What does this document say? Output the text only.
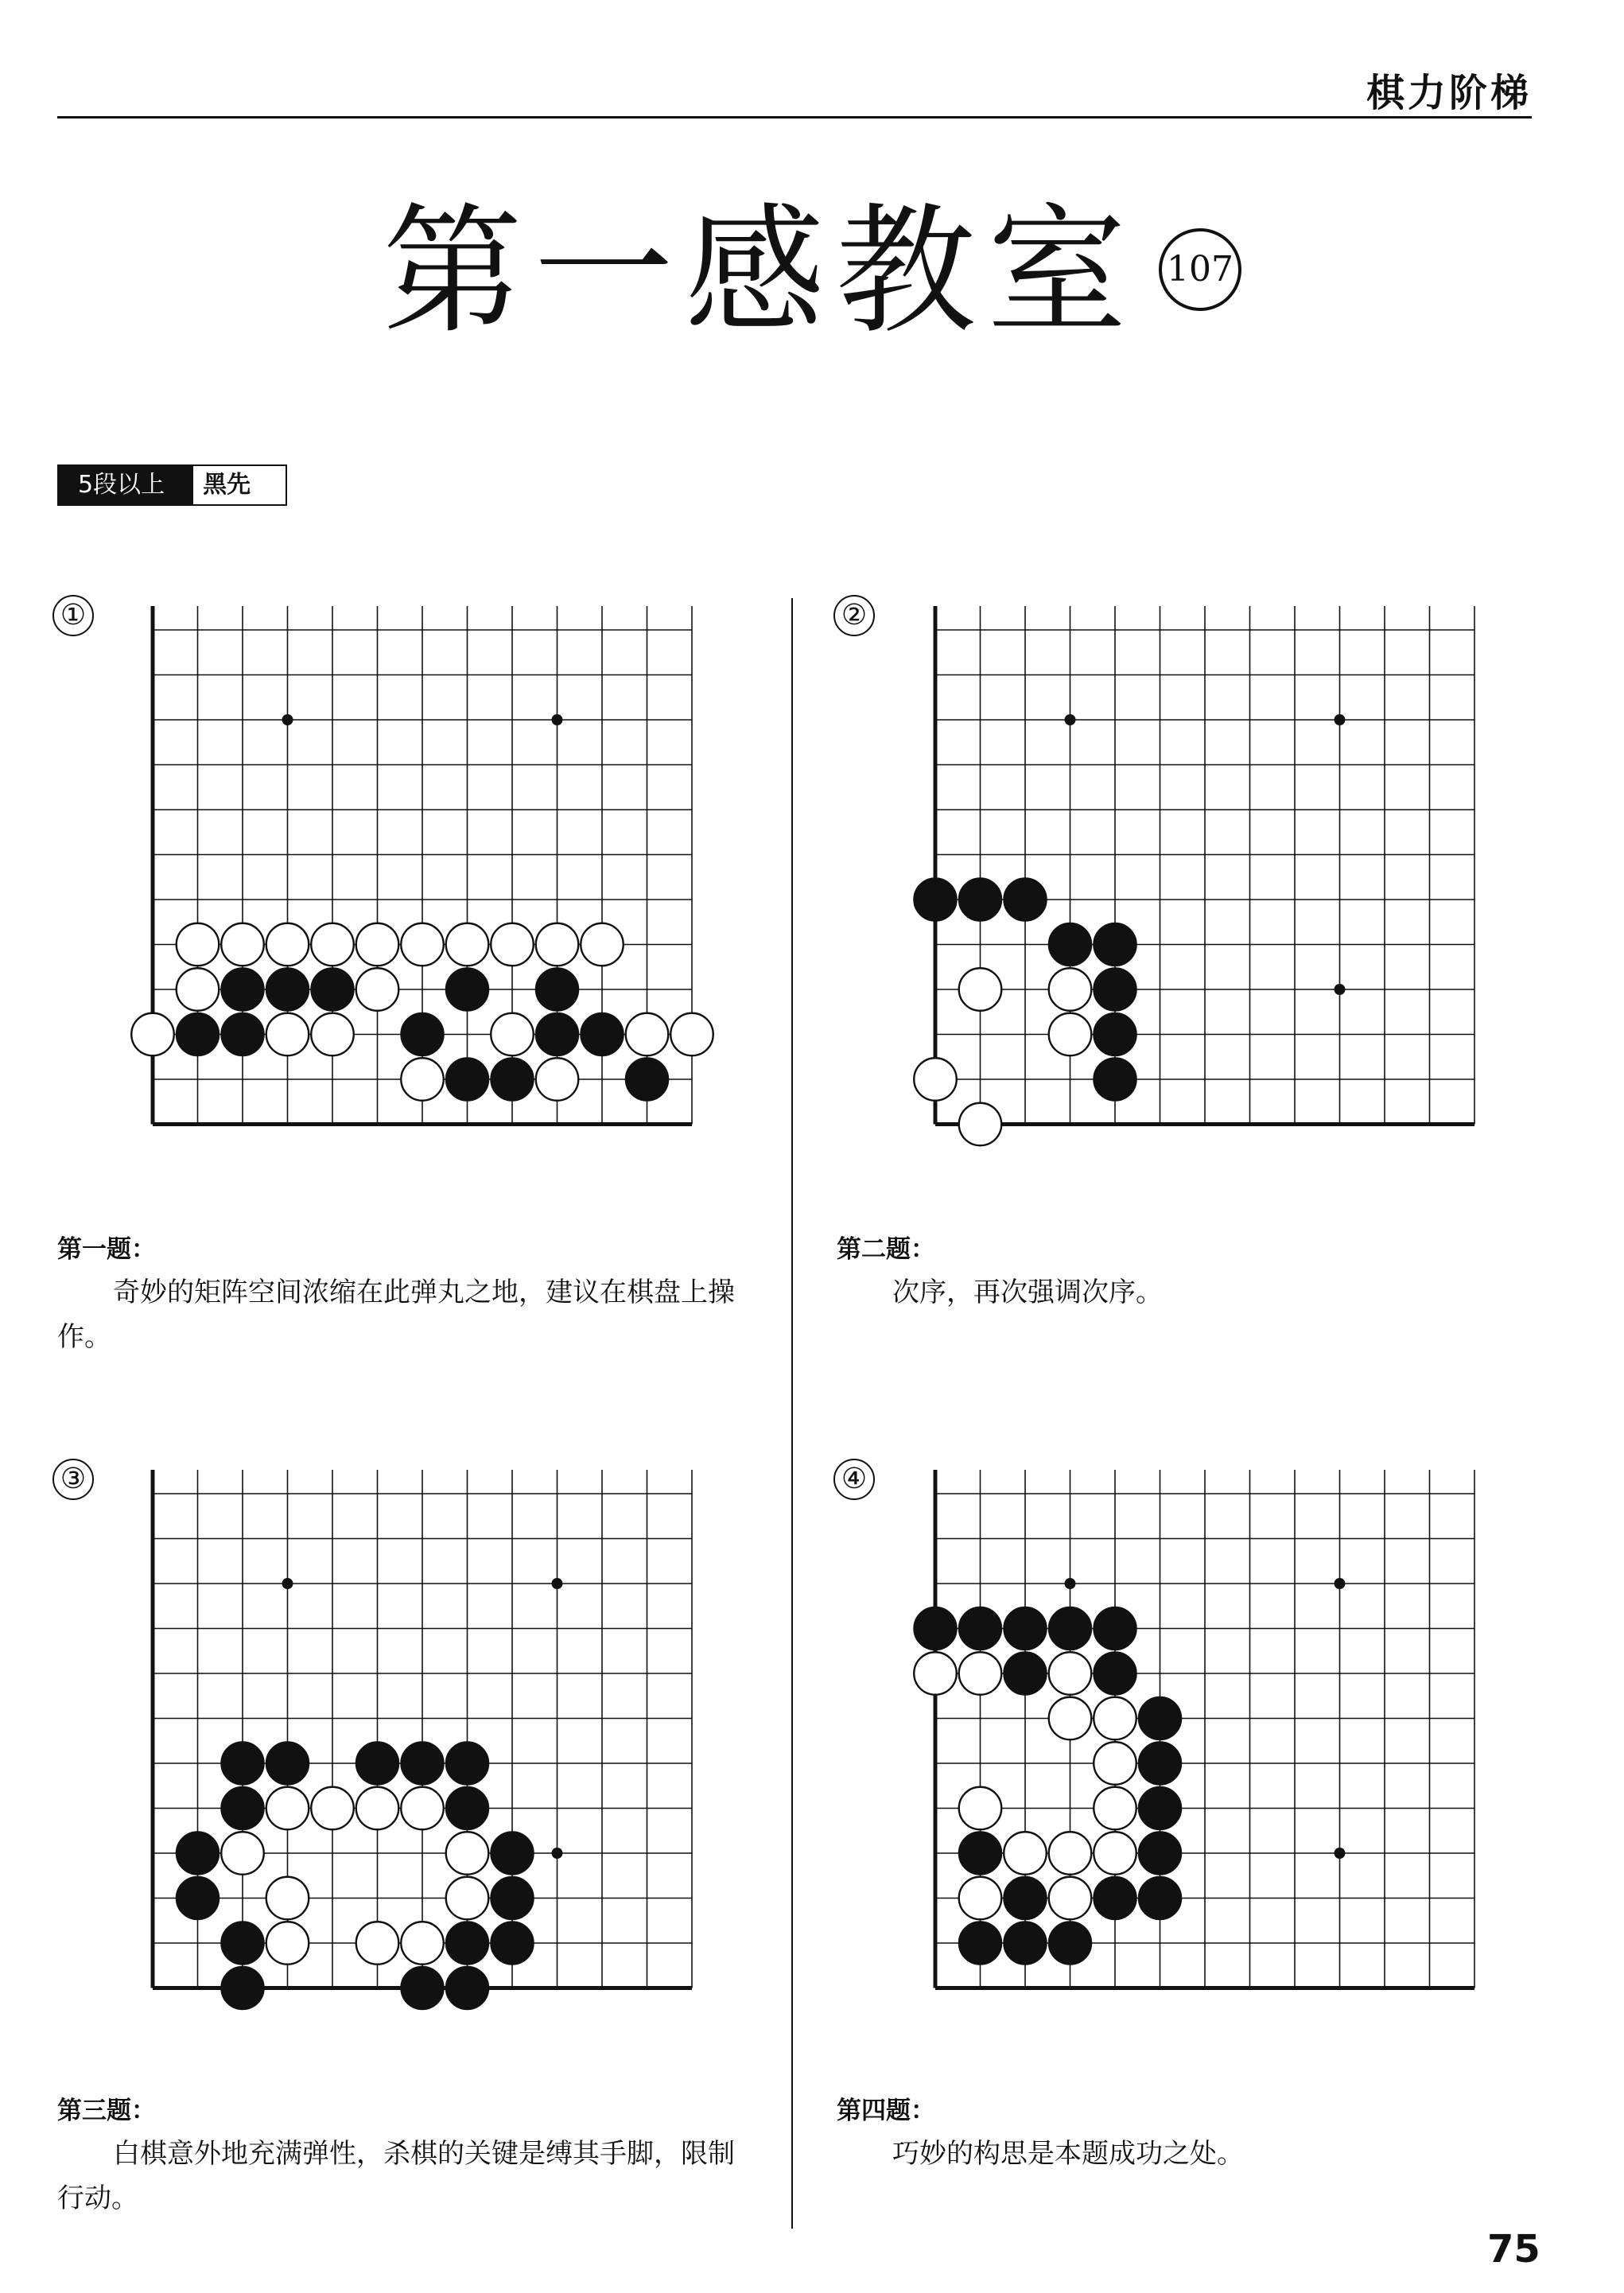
棋力阶梯
第一感教室 107
5段以上	黑先
①
第一题：
奇妙的矩阵空间浓缩在此弹丸之地，建议在棋盘上操作。
②
第二题：
次序，再次强调次序。
③
第三题：
白棋意外地充满弹性，杀棋的关键是缚其手脚，限制行动。
④
第四题：
巧妙的构思是本题成功之处。
75
